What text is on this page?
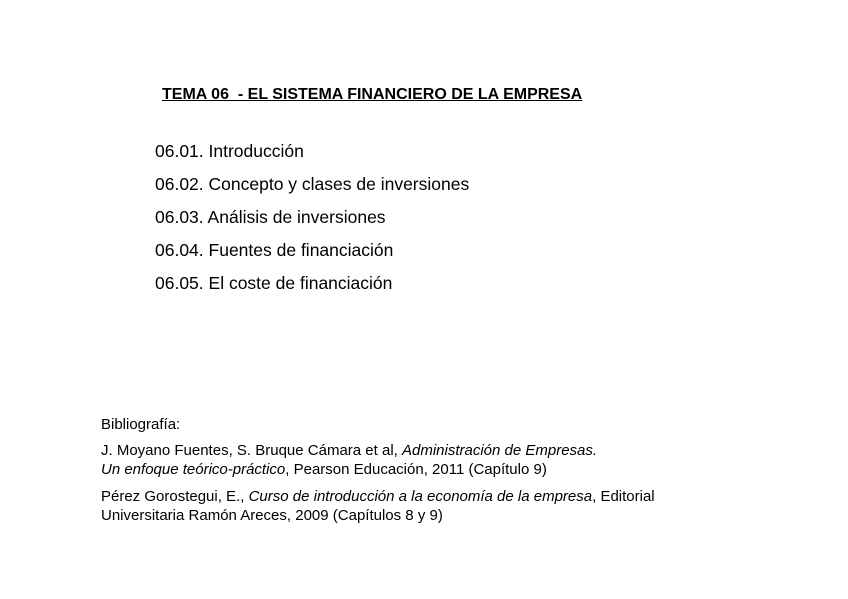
TEMA 06  - EL SISTEMA FINANCIERO DE LA EMPRESA
06.01. Introducción
06.02. Concepto y clases de inversiones
06.03. Análisis de inversiones
06.04. Fuentes de financiación
06.05. El coste de financiación
Bibliografía:
J. Moyano Fuentes, S. Bruque Cámara et al, Administración de Empresas.
Un enfoque teórico-práctico, Pearson Educación, 2011 (Capítulo 9)
Pérez Gorostegui, E., Curso de introducción a la economía de la empresa, Editorial
Universitaria Ramón Areces, 2009 (Capítulos 8 y 9)
